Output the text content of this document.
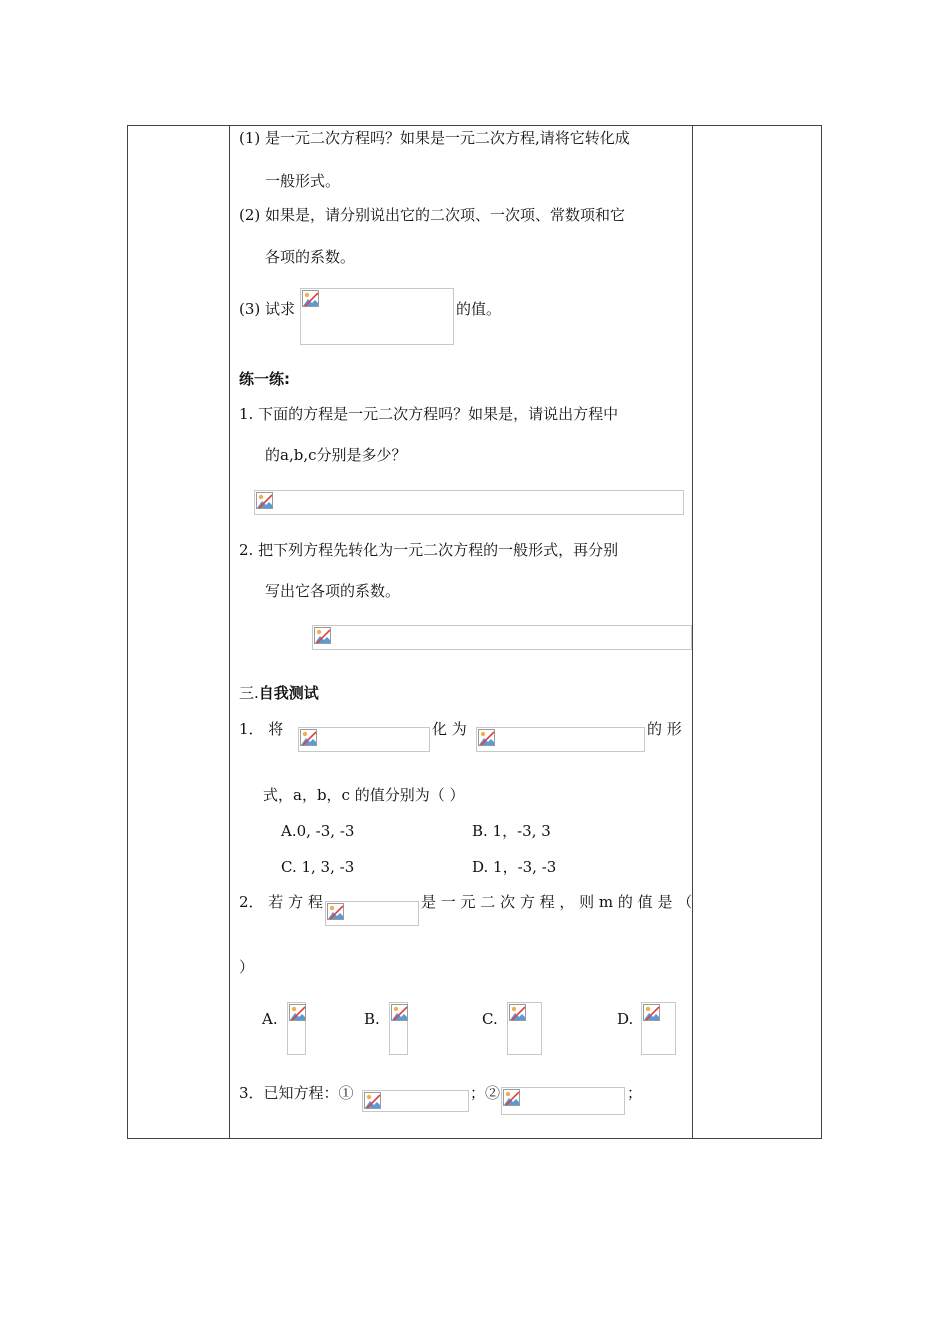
(1) 是一元二次方程吗？如果是一元二次方程,请将它转化成
一般形式。
(2) 如果是，请分别说出它的二次项、一次项、常数项和它
各项的系数。
(3) 试求	的值。
练一练:
1. 下面的方程是一元二次方程吗？如果是，请说出方程中
的a,b,c分别是多少？
2. 把下列方程先转化为一元二次方程的一般形式，再分别
写出它各项的系数。
三.自我测试
1． 将	化 为	的 形
式，a，b，c 的值分别为（ ）
A.0, -3, -3	B. 1，-3, 3
C. 1, 3, -3	D. 1，-3, -3
2． 若 方 程	是 一 元 二 次 方 程 ， 则 m 的 值 是 （
）
A.	B.	C.	D.
3．已知方程：①	；②	；
